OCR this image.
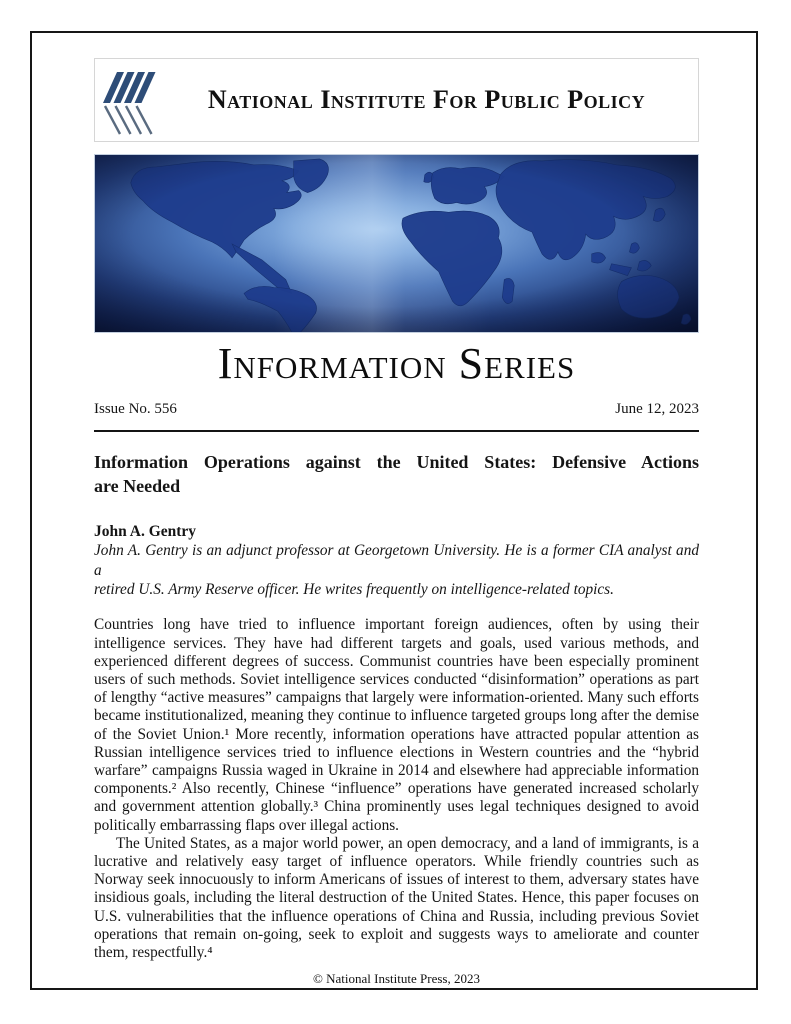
National Institute For Public Policy
Information Series
Issue No. 556	June 12, 2023
Information Operations against the United States: Defensive Actions
are Needed
John A. Gentry
John A. Gentry is an adjunct professor at Georgetown University. He is a former CIA analyst and a
retired U.S. Army Reserve officer. He writes frequently on intelligence-related topics.

Countries long have tried to influence important foreign audiences, often by using their intelligence services. They have had different targets and goals, used various methods, and experienced different degrees of success. Communist countries have been especially prominent users of such methods. Soviet intelligence services conducted “disinformation” operations as part of lengthy “active measures” campaigns that largely were information-oriented. Many such efforts became institutionalized, meaning they continue to influence targeted groups long after the demise of the Soviet Union.¹ More recently, information operations have attracted popular attention as Russian intelligence services tried to influence elections in Western countries and the “hybrid warfare” campaigns Russia waged in Ukraine in 2014 and elsewhere had appreciable information components.² Also recently, Chinese “influence” operations have generated increased scholarly and government attention globally.³ China prominently uses legal techniques designed to avoid politically embarrassing flaps over illegal actions.

The United States, as a major world power, an open democracy, and a land of immigrants, is a lucrative and relatively easy target of influence operators. While friendly countries such as Norway seek innocuously to inform Americans of issues of interest to them, adversary states have insidious goals, including the literal destruction of the United States. Hence, this paper focuses on U.S. vulnerabilities that the influence operations of China and Russia, including previous Soviet operations that remain on-going, seek to exploit and suggests ways to ameliorate and counter them, respectfully.⁴

© National Institute Press, 2023
